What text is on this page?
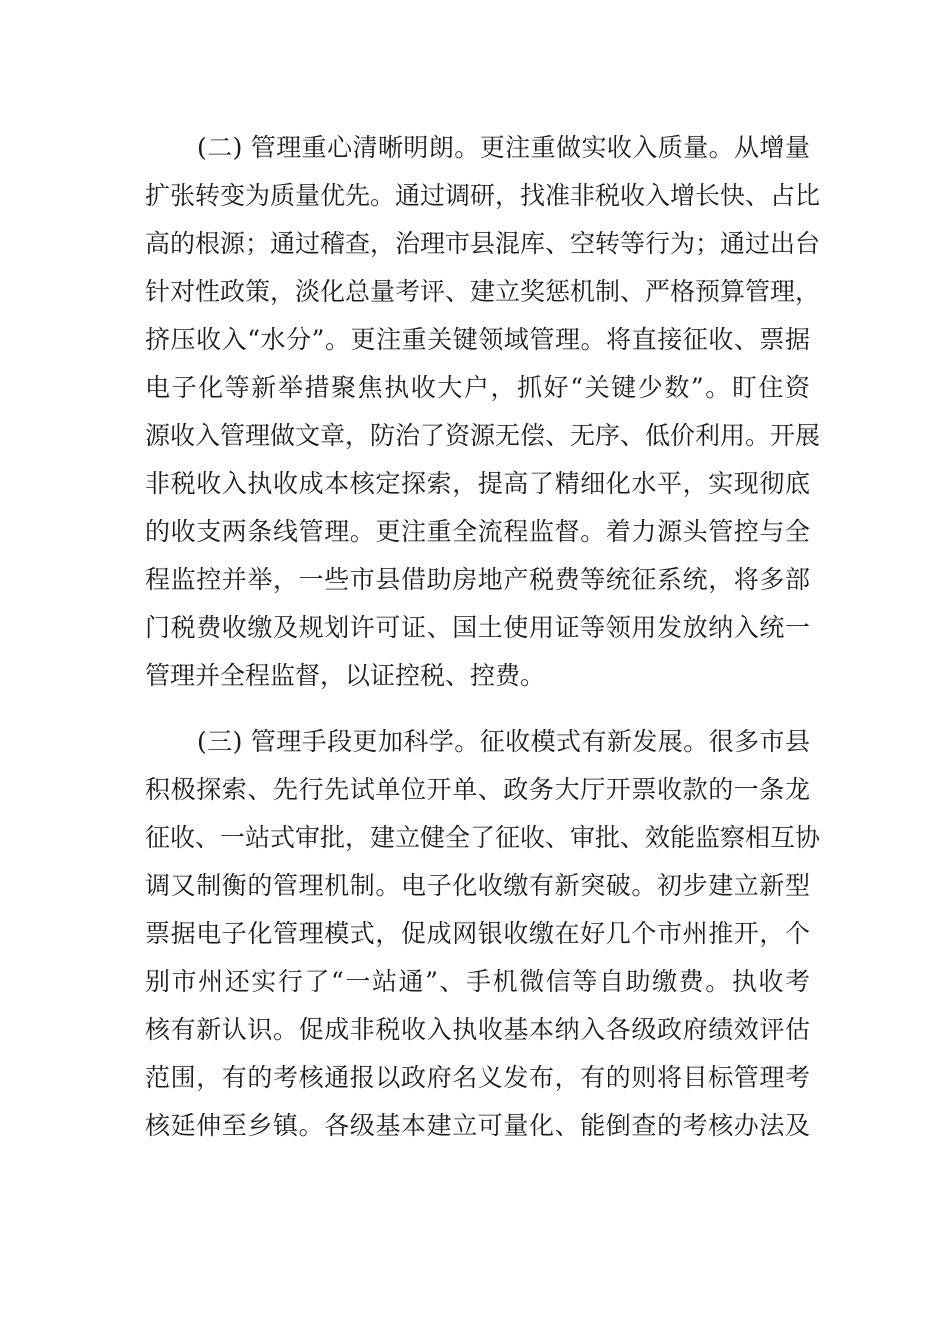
(二) 管理重心清晰明朗。更注重做实收入质量。从增量
扩张转变为质量优先。通过调研，找准非税收入增长快、占比
高的根源；通过稽查，治理市县混库、空转等行为；通过出台
针对性政策，淡化总量考评、建立奖惩机制、严格预算管理，
挤压收入“水分”。更注重关键领域管理。将直接征收、票据
电子化等新举措聚焦执收大户，抓好“关键少数”。盯住资
源收入管理做文章，防治了资源无偿、无序、低价利用。开展
非税收入执收成本核定探索，提高了精细化水平，实现彻底
的收支两条线管理。更注重全流程监督。着力源头管控与全
程监控并举，一些市县借助房地产税费等统征系统，将多部
门税费收缴及规划许可证、国土使用证等领用发放纳入统一
管理并全程监督，以证控税、控费。
(三) 管理手段更加科学。征收模式有新发展。很多市县
积极探索、先行先试单位开单、政务大厅开票收款的一条龙
征收、一站式审批，建立健全了征收、审批、效能监察相互协
调又制衡的管理机制。电子化收缴有新突破。初步建立新型
票据电子化管理模式，促成网银收缴在好几个市州推开，个
别市州还实行了“一站通”、手机微信等自助缴费。执收考
核有新认识。促成非税收入执收基本纳入各级政府绩效评估
范围，有的考核通报以政府名义发布，有的则将目标管理考
核延伸至乡镇。各级基本建立可量化、能倒查的考核办法及
